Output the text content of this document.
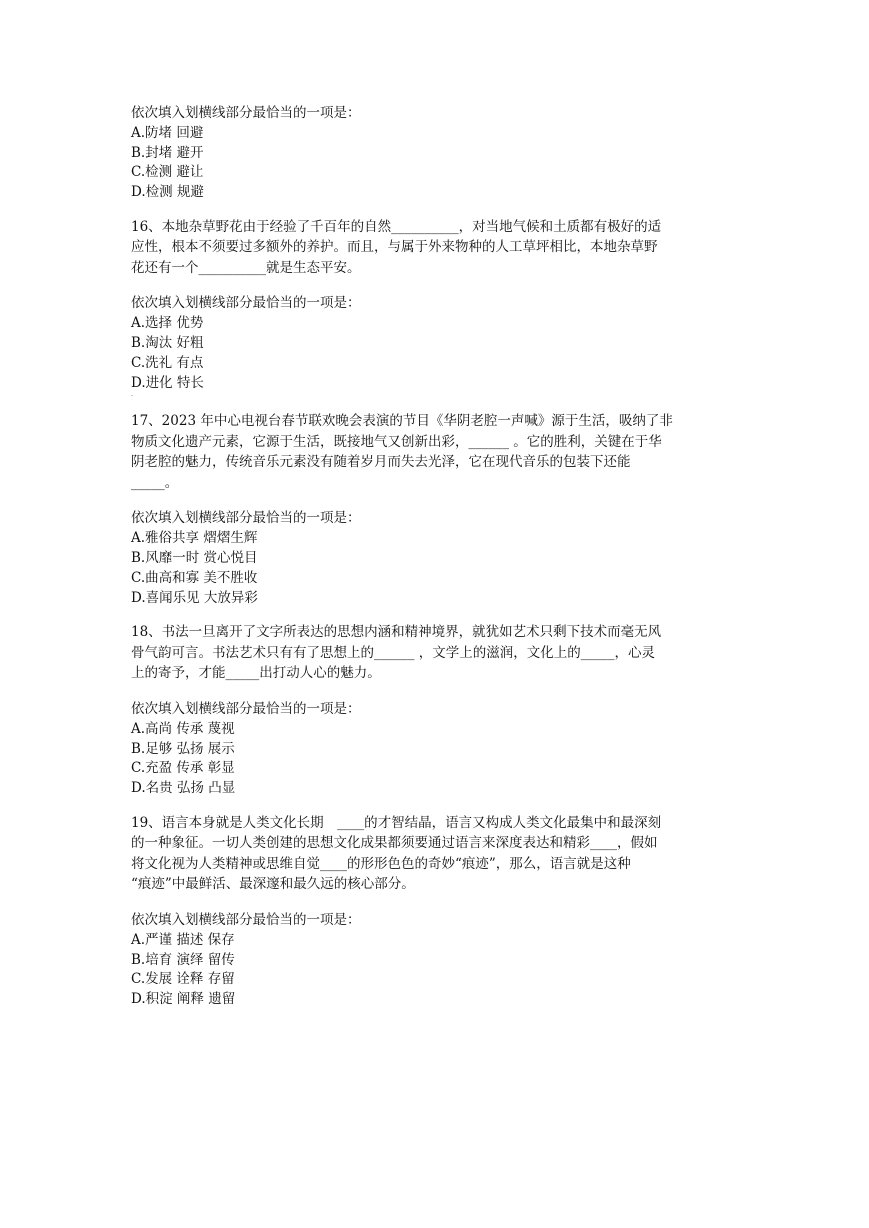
依次填入划横线部分最恰当的一项是：
A.防堵 回避
B.封堵 避开
C.检测 避让
D.检测 规避
16、本地杂草野花由于经验了千百年的自然__________，对当地气候和土质都有极好的适
应性，根本不须要过多额外的养护。而且，与属于外来物种的人工草坪相比，本地杂草野
花还有一个__________就是生态平安。
依次填入划横线部分最恰当的一项是：
A.选择 优势
B.淘汰 好粗
C.洗礼 有点
D.进化 特长
17、2023 年中心电视台春节联欢晚会表演的节目《华阴老腔一声喊》源于生活，吸纳了非
物质文化遗产元素，它源于生活，既接地气又创新出彩，______ 。它的胜利，关键在于华
阴老腔的魅力，传统音乐元素没有随着岁月而失去光泽，它在现代音乐的包装下还能
_____。
依次填入划横线部分最恰当的一项是：
A.雅俗共享 熠熠生辉
B.风靡一时 赏心悦目
C.曲高和寡 美不胜收
D.喜闻乐见 大放异彩
18、书法一旦离开了文字所表达的思想内涵和精神境界，就犹如艺术只剩下技术而毫无风
骨气韵可言。书法艺术只有有了思想上的______ ，文学上的滋润，文化上的_____，心灵
上的寄予，才能_____出打动人心的魅力。
依次填入划横线部分最恰当的一项是：
A.高尚 传承 蔑视
B.足够 弘扬 展示
C.充盈 传承 彰显
D.名贵 弘扬 凸显
19、语言本身就是人类文化长期　____的才智结晶，语言又构成人类文化最集中和最深刻
的一种象征。一切人类创建的思想文化成果都须要通过语言来深度表达和精彩____，假如
将文化视为人类精神或思维自觉____的形形色色的奇妙“痕迹”，那么，语言就是这种
“痕迹”中最鲜活、最深邃和最久远的核心部分。
依次填入划横线部分最恰当的一项是：
A.严谨 描述 保存
B.培育 演绎 留传
C.发展 诠释 存留
D.积淀 阐释 遗留
